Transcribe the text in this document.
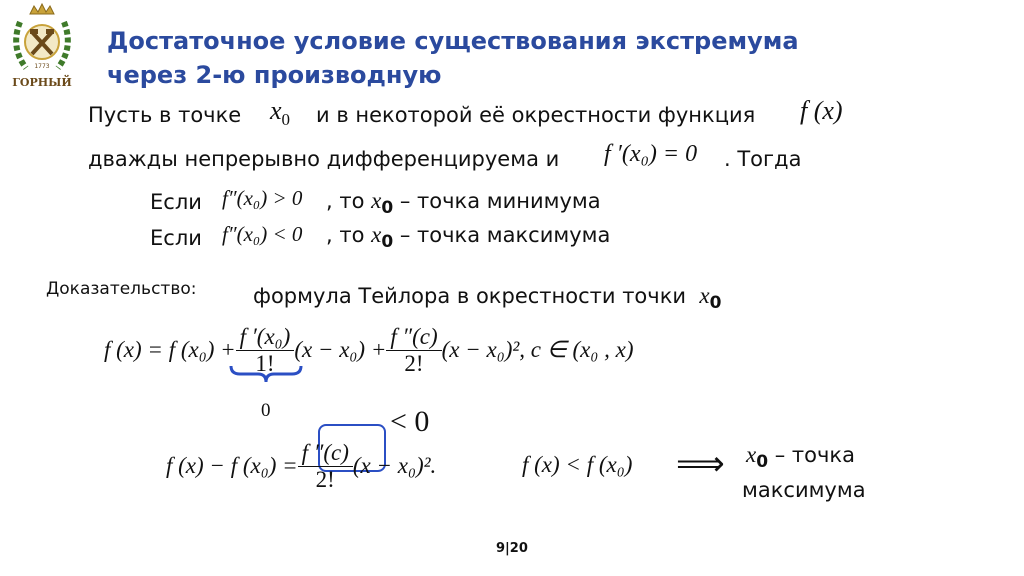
1773
ГОРНЫЙ
Достаточное условие существования экстремума
через 2-ю производную
Пусть в точке $x_0$ и в некоторой её окрестности функция f (x)
дважды непрерывно дифференцируема и f ′(x₀) = 0 . Тогда
Если f″(x₀) > 0 , то $x_0$ – точка минимума
Если f″(x₀) < 0 , то $x_0$ – точка максимума
Доказательство:	формула Тейлора в окрестности точки $x_0$
f (x) = f $(x_0) + \frac{\text{f ′(x₀)}}{1!} (x - x_0) + \frac{f ''(c)}{2!} (x - x_0)^2$, c ∈ (x₀ , x)
0	< 0
f (x) − f $(x_0) = \frac{f ''(c)}{2!} (x - x_0)^2$.	f (x) < f (x₀) ⟹ $x_0$ – точка
максимума
9|20
